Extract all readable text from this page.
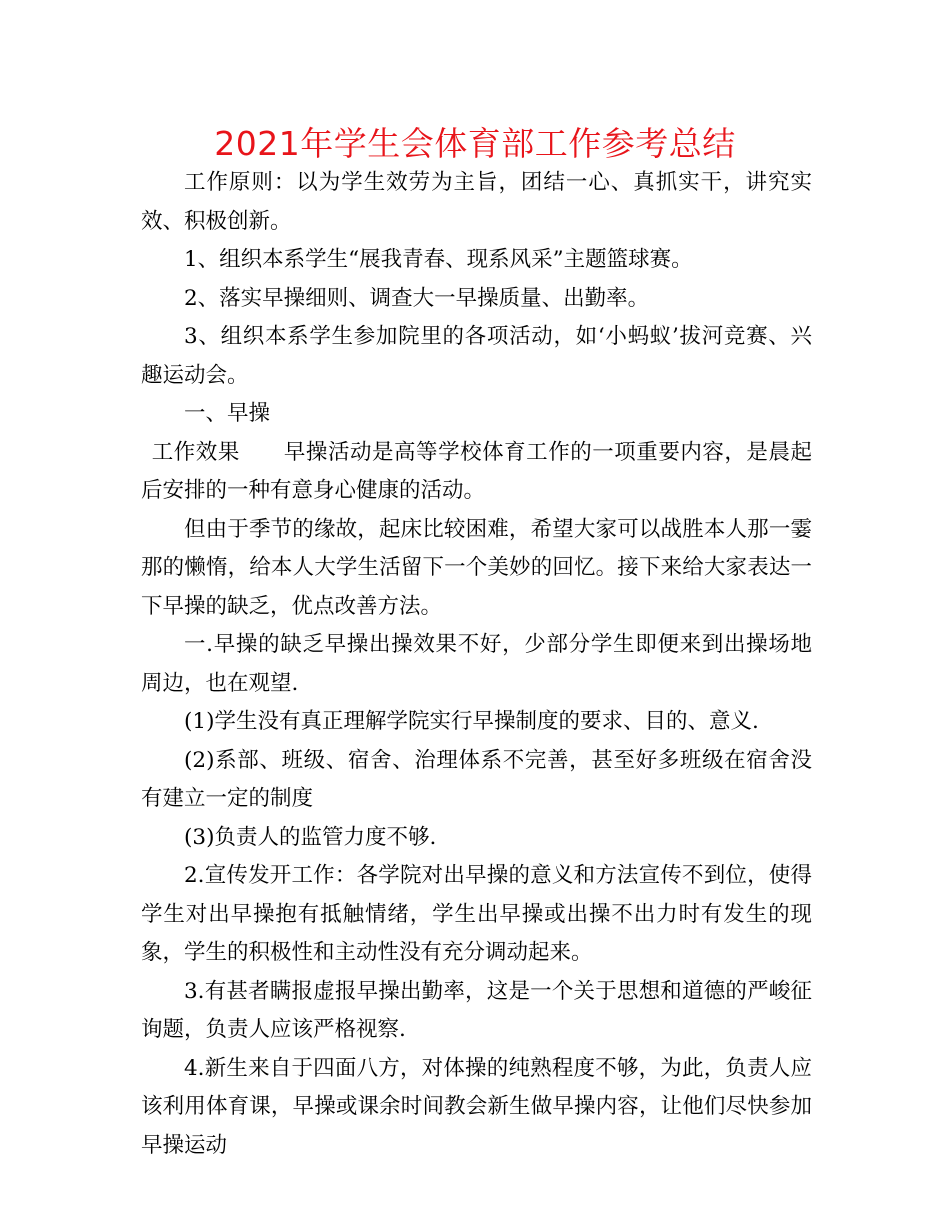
2021年学生会体育部工作参考总结

工作原则：以为学生效劳为主旨，团结一心、真抓实干，讲究实效、积极创新。

1、组织本系学生“展我青春、现系风采”主题篮球赛。

2、落实早操细则、调查大一早操质量、出勤率。

3、组织本系学生参加院里的各项活动，如‘小蚂蚁’拔河竞赛、兴趣运动会。

一、早操

工作效果　　早操活动是高等学校体育工作的一项重要内容，是晨起后安排的一种有意身心健康的活动。

但由于季节的缘故，起床比较困难，希望大家可以战胜本人那一霎那的懒惰，给本人大学生活留下一个美妙的回忆。接下来给大家表达一下早操的缺乏，优点改善方法。

一.早操的缺乏早操出操效果不好，少部分学生即便来到出操场地周边，也在观望.

(1)学生没有真正理解学院实行早操制度的要求、目的、意义.

(2)系部、班级、宿舍、治理体系不完善，甚至好多班级在宿舍没有建立一定的制度

(3)负责人的监管力度不够.

2.宣传发开工作：各学院对出早操的意义和方法宣传不到位，使得学生对出早操抱有抵触情绪，学生出早操或出操不出力时有发生的现象，学生的积极性和主动性没有充分调动起来。

3.有甚者瞒报虚报早操出勤率，这是一个关于思想和道德的严峻征询题，负责人应该严格视察.

4.新生来自于四面八方，对体操的纯熟程度不够，为此，负责人应该利用体育课，早操或课余时间教会新生做早操内容，让他们尽快参加早操运动
